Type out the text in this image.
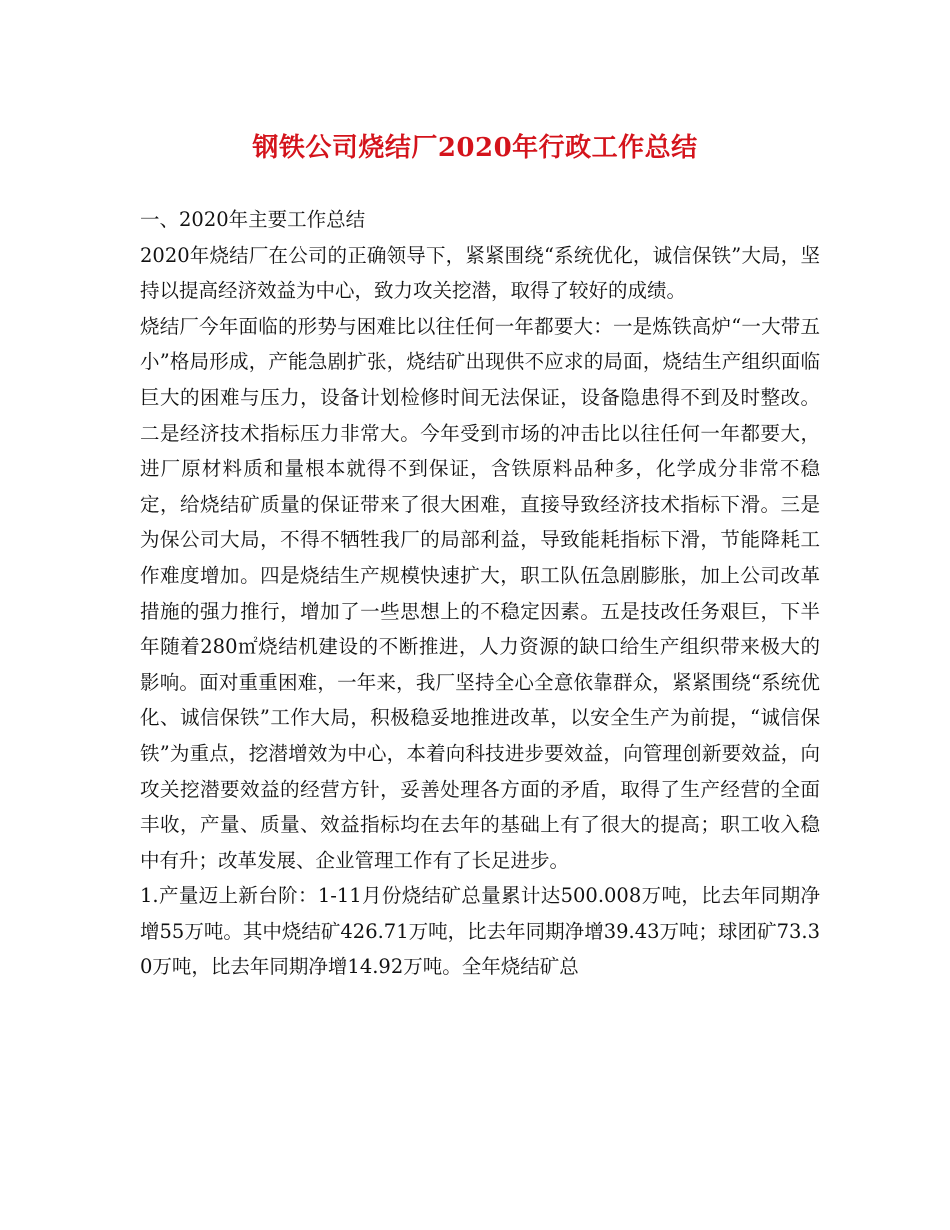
钢铁公司烧结厂2020年行政工作总结

一、2020年主要工作总结

2020年烧结厂在公司的正确领导下，紧紧围绕“系统优化，诚信保铁”大局，坚持以提高经济效益为中心，致力攻关挖潜，取得了较好的成绩。

烧结厂今年面临的形势与困难比以往任何一年都要大：一是炼铁高炉“一大带五小”格局形成，产能急剧扩张，烧结矿出现供不应求的局面，烧结生产组织面临巨大的困难与压力，设备计划检修时间无法保证，设备隐患得不到及时整改。二是经济技术指标压力非常大。今年受到市场的冲击比以往任何一年都要大，进厂原材料质和量根本就得不到保证，含铁原料品种多，化学成分非常不稳定，给烧结矿质量的保证带来了很大困难，直接导致经济技术指标下滑。三是为保公司大局，不得不牺牲我厂的局部利益，导致能耗指标下滑，节能降耗工作难度增加。四是烧结生产规模快速扩大，职工队伍急剧膨胀，加上公司改革措施的强力推行，增加了一些思想上的不稳定因素。五是技改任务艰巨，下半年随着280㎡烧结机建设的不断推进，人力资源的缺口给生产组织带来极大的影响。面对重重困难，一年来，我厂坚持全心全意依靠群众，紧紧围绕“系统优化、诚信保铁”工作大局，积极稳妥地推进改革，以安全生产为前提，“诚信保铁”为重点，挖潜增效为中心，本着向科技进步要效益，向管理创新要效益，向攻关挖潜要效益的经营方针，妥善处理各方面的矛盾，取得了生产经营的全面丰收，产量、质量、效益指标均在去年的基础上有了很大的提高；职工收入稳中有升；改革发展、企业管理工作有了长足进步。

1.产量迈上新台阶：1-11月份烧结矿总量累计达500.008万吨，比去年同期净增55万吨。其中烧结矿426.71万吨，比去年同期净增39.43万吨；球团矿73.30万吨，比去年同期净增14.92万吨。全年烧结矿总
